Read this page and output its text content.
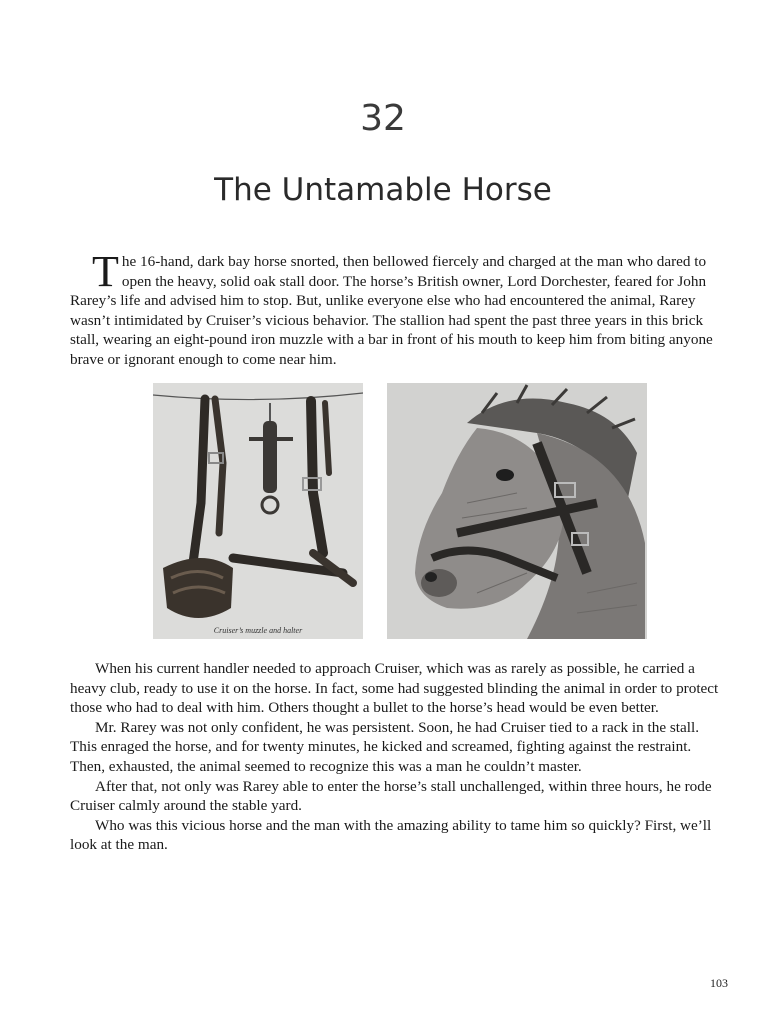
32
The Untamable Horse

The 16-hand, dark bay horse snorted, then bellowed fiercely and charged at the man who dared to open the heavy, solid oak stall door. The horse’s British owner, Lord Dorchester, feared for John Rarey’s life and advised him to stop. But, unlike everyone else who had encountered the animal, Rarey wasn’t intimidated by Cruiser’s vicious behavior. The stallion had spent the past three years in this brick stall, wearing an eight-pound iron muzzle with a bar in front of his mouth to keep him from biting anyone brave or ignorant enough to come near him.

Cruiser’s muzzle and halter

When his current handler needed to approach Cruiser, which was as rarely as possible, he carried a heavy club, ready to use it on the horse. In fact, some had suggested blinding the animal in order to protect those who had to deal with him. Others thought a bullet to the horse’s head would be even better.

Mr. Rarey was not only confident, he was persistent. Soon, he had Cruiser tied to a rack in the stall. This enraged the horse, and for twenty minutes, he kicked and screamed, fighting against the restraint. Then, exhausted, the animal seemed to recognize this was a man he couldn’t master.

After that, not only was Rarey able to enter the horse’s stall unchallenged, within three hours, he rode Cruiser calmly around the stable yard.

Who was this vicious horse and the man with the amazing ability to tame him so quickly? First, we’ll look at the man.

103
